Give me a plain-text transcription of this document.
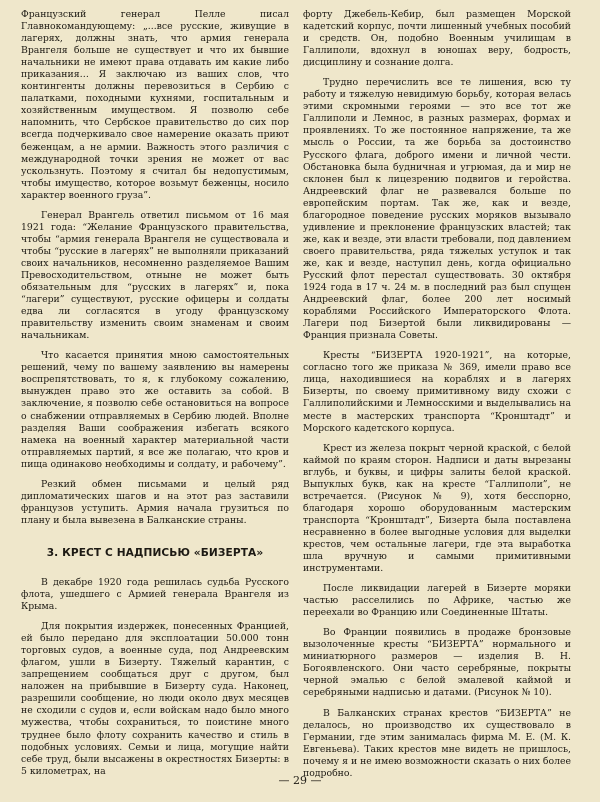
Французский генерал Пелле писал Главнокомандующему: „...все русские, живущие в лагерях, должны знать, что армия генерала Врангеля больше не существует и что их бывшие начальники не имеют права отдавать им какие либо приказания… Я заключаю из ваших слов, что контингенты должны перевозиться в Сербию с палатками, походными кухнями, госпитальным и хозяйственным имуществом. Я позволю себе напомнить, что Сербское правительство до сих пор всегда подчеркивало свое намерение оказать приют беженцам, а не армии. Важность этого различия с международной точки зрения не может от вас ускользнуть. Поэтому я считал бы недопустимым, чтобы имущество, которое возьмут беженцы, носило характер военного груза”.

Генерал Врангель ответил письмом от 16 мая 1921 года: “Желание Французского правительства, чтобы “армия генерала Врангеля не существовала и чтобы “русские в лагерях” не выполняли приказаний своих начальников, несомненно разделяемое Вашим Превосходительством, отныне не может быть обязательным для “русских в лагерях” и, пока “лагери” существуют, русские офицеры и солдаты едва ли согласятся в угоду французскому правительству изменить своим знаменам и своим начальникам.

Что касается принятия мною самостоятельных решений, чему по вашему заявлению вы намерены воспрепятствовать, то я, к глубокому сожалению, вынужден право это же оставить за собой. В заключение, я позволю себе остановиться на вопросе о снабжении отправляемых в Сербию людей. Вполне разделяя Ваши соображения избегать всякого намека на военный характер материальной части отправляемых партий, я все же полагаю, что кров и пища одинаково необходимы и солдату, и рабочему”.

Резкий обмен письмами и целый ряд дипломатических шагов и на этот раз заставили французов уступить. Армия начала грузиться по плану и была вывезена в Балканские страны.

3. КРЕСТ С НАДПИСЬЮ «БИЗЕРТА»

В декабре 1920 года решилась судьба Русского флота, ушедшего с Армией генерала Врангеля из Крыма.

Для покрытия издержек, понесенных Францией, ей было передано для эксплоатации 50.000 тонн торговых судов, а военные суда, под Андреевским флагом, ушли в Бизерту. Тяжелый карантин, с запрещением сообщаться друг с другом, был наложен на прибывшие в Бизерту суда. Наконец, разрешили сообщение, но люди около двух месяцев не сходили с судов и, если войскам надо было много мужества, чтобы сохраниться, то поистине много труднее было флоту сохранить качество и стиль в подобных условиях. Семьи и лица, могущие найти себе труд, были высажены в окрестностях Бизерты: в 5 километрах, на

форту Джебель-Кебир, был размещен Морской кадетский корпус, почти лишенный учебных пособий и средств. Он, подобно Военным училищам в Галлиполи, вдохнул в юношах веру, бодрость, дисциплину и сознание долга.

Трудно перечислить все те лишения, всю ту работу и тяжелую невидимую борьбу, которая велась этими скромными героями — это все тот же Галлиполи и Лемнос, в разных размерах, формах и проявлениях. То же постоянное напряжение, та же мысль о России, та же борьба за достоинство Русского флага, доброго имени и личной чести. Обстановка была будничная и угрюмая, да и мир не склонен был к лицезрению подвигов и геройства. Андреевский флаг не развевался больше по европейским портам. Так же, как и везде, благородное поведение русских моряков вызывало удивление и преклонение французских властей; так же, как и везде, эти власти требовали, под давлением своего правительства, ряда тяжелых уступок и так же, как и везде, наступил день, когда официально Русский флот перестал существовать. 30 октября 1924 года в 17 ч. 24 м. в последний раз был спущен Андреевский флаг, более 200 лет носимый кораблями Российского Императорского Флота. Лагери под Бизертой были ликвидированы — Франция признала Советы.

Кресты “БИЗЕРТА 1920-1921”, на которые, согласно того же приказа № 369, имели право все лица, находившиеся на кораблях и в лагерях Бизерты, по своему примитивному виду схожи с Галлиполийскими и Лемносскими и выделывались на месте в мастерских транспорта “Кронштадт” и Морского кадетского корпуса.

Крест из железа покрыт черной краской, с белой каймой по краям сторон. Надписи и даты вырезаны вглубь, и буквы, и цифры залиты белой краской. Выпуклых букв, как на кресте “Галлиполи”, не встречается. (Рисунок № 9), хотя бесспорно, благодаря хорошо оборудованным мастерским транспорта “Кронштадт”, Бизерта была поставлена несравненно в более выгодные условия для выделки крестов, чем остальные лагери, где эта выработка шла вручную и самыми примитивными инструментами.

После ликвидации лагерей в Бизерте моряки частью расселились по Африке, частью же переехали во Францию или Соединенные Штаты.

Во Франции появились в продаже бронзовые вызолоченные кресты “БИЗЕРТА” нормального и миниатюрного размеров — изделия В. Н. Богоявленского. Они часто серебряные, покрыты черной эмалью с белой эмалевой каймой и серебряными надписью и датами. (Рисунок № 10).

В Балканских странах крестов “БИЗЕРТА” не делалось, но производство их существовало в Германии, где этим занималась фирма М. Е. (М. К. Евгеньева). Таких крестов мне видеть не пришлось, почему я и не имею возможности сказать о них более подробно.

— 29 —
